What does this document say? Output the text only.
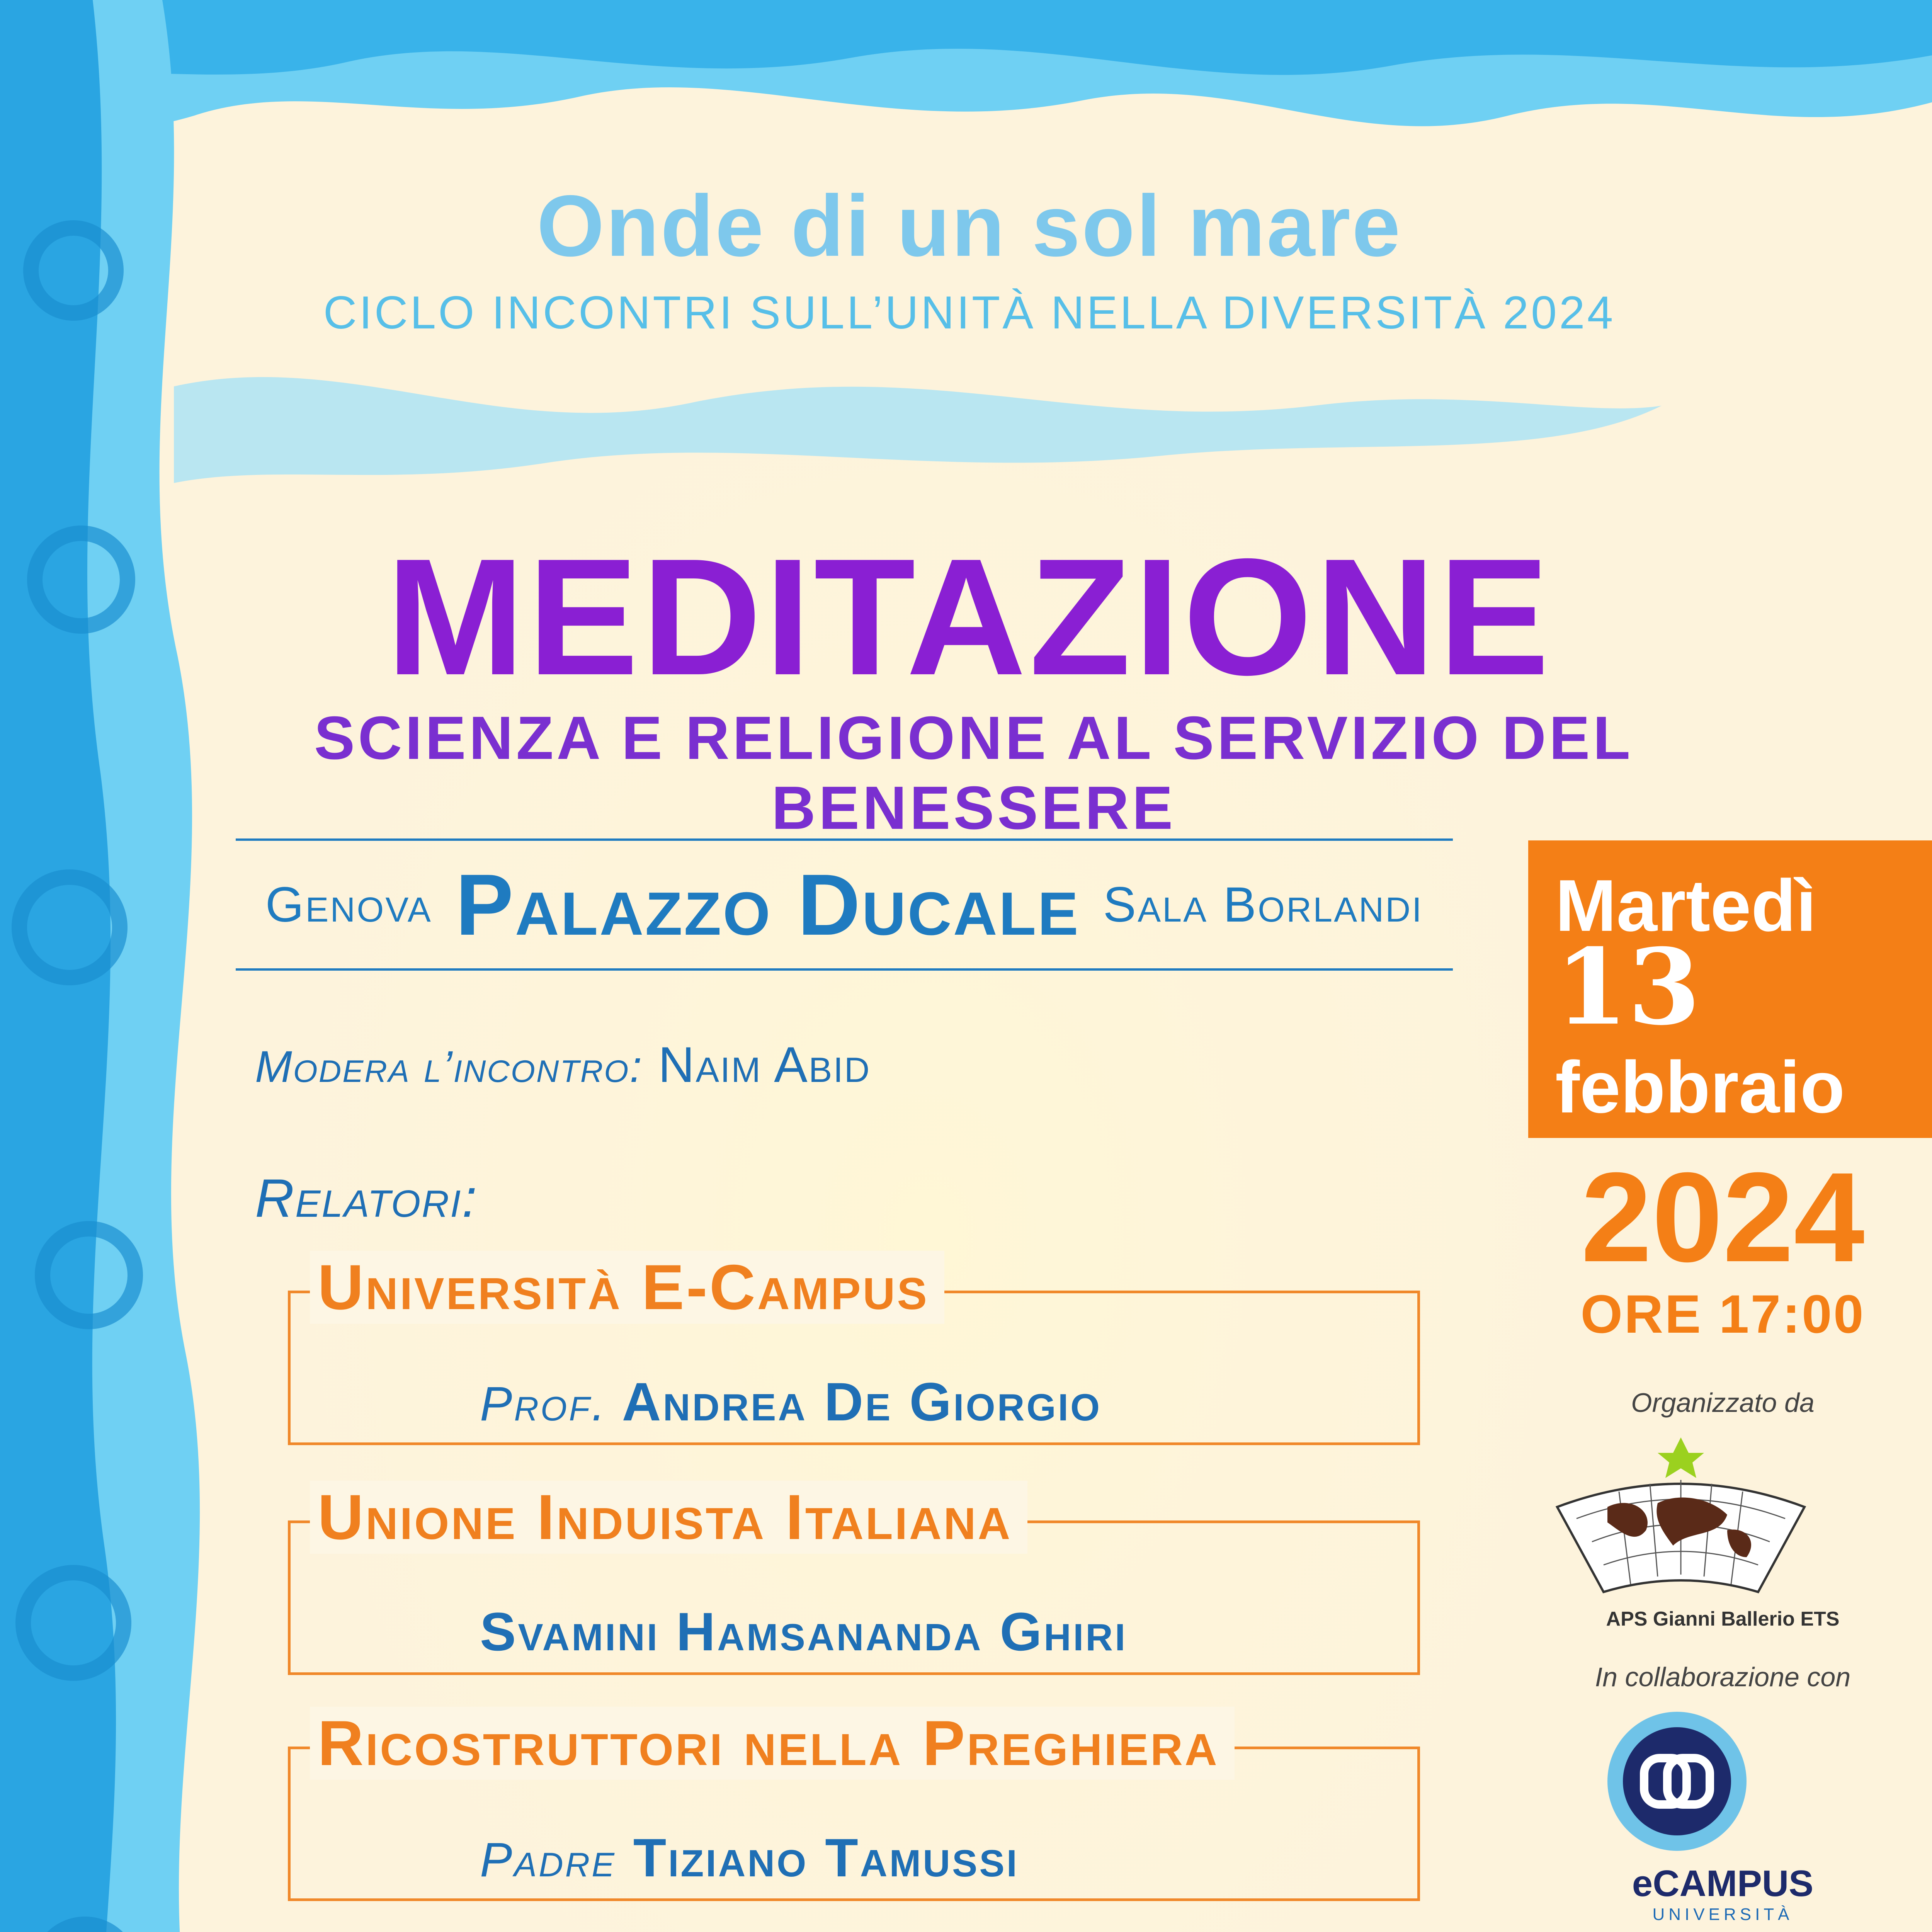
Onde di un sol mare
CICLO INCONTRI SULL’UNITÀ NELLA DIVERSITÀ 2024
MEDITAZIONE
SCIENZA E RELIGIONE AL SERVIZIO DEL BENESSERE
Genova Palazzo Ducale Sala Borlandi
Modera l’incontro: Naim Abid
Relatori:
Università E-Campus
Prof. Andrea De Giorgio
Unione Induista Italiana
Svamini Hamsananda Ghiri
Ricostruttori nella Preghiera
Padre Tiziano Tamussi
Martedì
13
febbraio
2024
ORE 17:00
Organizzato da
APS Gianni Ballerio ETS
In collaborazione con
eCAMPUS
UNIVERSITÀ
